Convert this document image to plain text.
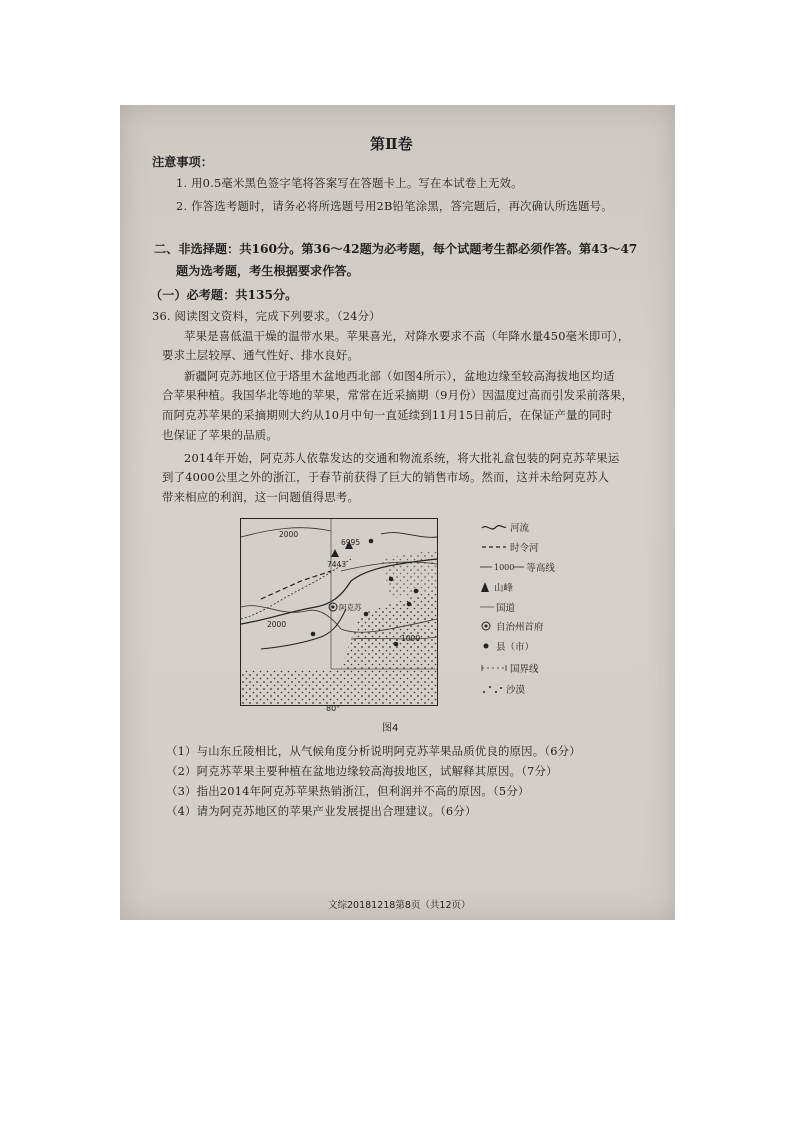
第Ⅱ卷
注意事项：
1. 用0.5毫米黑色签字笔将答案写在答题卡上。写在本试卷上无效。
2. 作答选考题时，请务必将所选题号用2B铅笔涂黑，答完题后，再次确认所选题号。
二、非选择题：共160分。第36～42题为必考题，每个试题考生都必须作答。第43～47
题为选考题，考生根据要求作答。
（一）必考题：共135分。
36. 阅读图文资料，完成下列要求。（24分）
苹果是喜低温干燥的温带水果。苹果喜光，对降水要求不高（年降水量450毫米即可），
要求土层较厚、通气性好、排水良好。
新疆阿克苏地区位于塔里木盆地西北部（如图4所示），盆地边缘至较高海拔地区均适
合苹果种植。我国华北等地的苹果，常常在近采摘期（9月份）因温度过高而引发采前落果，
而阿克苏苹果的采摘期则大约从10月中旬一直延续到11月15日前后，在保证产量的同时
也保证了苹果的品质。
2014年开始，阿克苏人依靠发达的交通和物流系统，将大批礼盒包装的阿克苏苹果运
到了4000公里之外的浙江，于春节前获得了巨大的销售市场。然而，这并未给阿克苏人
带来相应的利润，这一问题值得思考。
2000
6995
7443
阿克苏
2000
1000
80°
图4
河流
时令河
1000 等高线
山峰
国道
自治州首府
县（市）
国界线
沙漠
（1）与山东丘陵相比，从气候角度分析说明阿克苏苹果品质优良的原因。（6分）
（2）阿克苏苹果主要种植在盆地边缘较高海拔地区，试解释其原因。（7分）
（3）指出2014年阿克苏苹果热销浙江，但利润并不高的原因。（5分）
（4）请为阿克苏地区的苹果产业发展提出合理建议。（6分）
文综20181218第8页（共12页）
